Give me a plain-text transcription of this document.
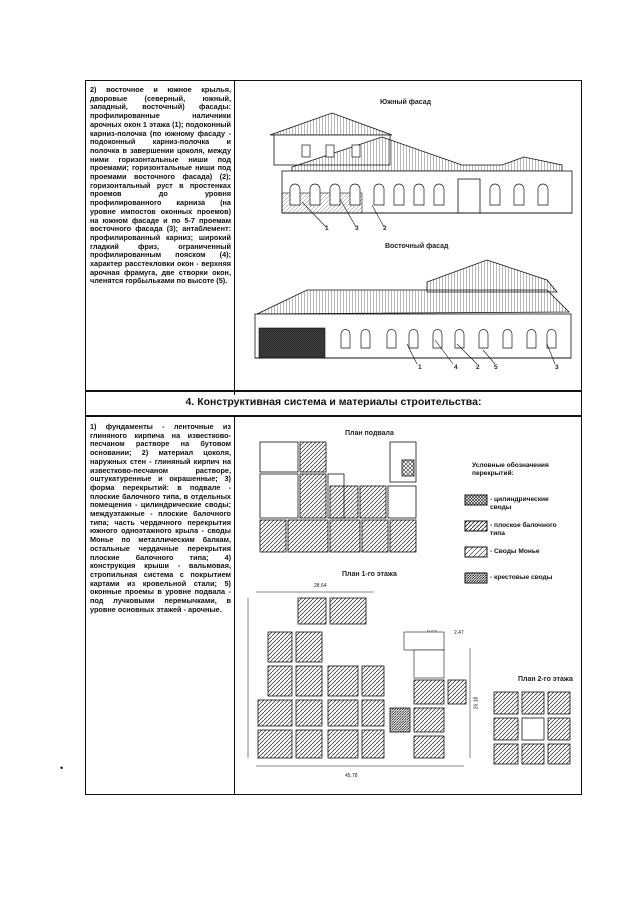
2) восточное и южное крылья, дворовые (северный, южный, западный, восточный) фасады: профилированные наличники арочных окон 1 этажа (1); подоконный карниз-полочка (по южному фасаду - подоконный карниз-полочка и полочка в завершении цоколя, между ними горизонтальные ниши под проемами; горизонтальные ниши под проемами восточного фасада) (2); горизонтальный руст в простенках проемов до уровня профилированного карниза (на уровне импостов оконных проемов) на южном фасаде и по 5-7 проемам восточного фасада (3); антаблемент: профилированный карниз; широкий гладкий фриз, ограниченный профилированным пояском (4); характер расстекловки окон - верхняя арочная фрамуга, две створки окон, членятся горбыльками по высоте (5).
Южный фасад
1	3	2
Восточный фасад
1	4	2 5	3
4. Конструктивная система и материалы строительства:
1) фундаменты - ленточные из глиняного кирпича на известково-песчаном растворе на бутовом основании; 2) материал цоколя, наружных стен - глиняный кирпич на известково-песчаном растворе, оштукатуренные и окрашенные; 3) форма перекрытий: в подвале - плоские балочного типа, в отдельных помещения - цилиндрические своды; междуэтажные - плоские балочного типа; часть чердачного перекрытия южного одноэтажного крыла - своды Монье по металлическим балкам, остальные чердачные перекрытия плоские балочного типа; 4) конструкция крыши - вальмовая, стропильная система с покрытием картами из кровельной стали; 5) оконные проемы в уровне подвала - под лучковыми перемычками, в уровне основных этажей - арочные.
План подвала
Условные обозначения перекрытий:
- цилиндрические своды
- плоское балочного типа
- Своды Монье
- крестовые своды
План 1-го этажа
28.64
2.47
45.78
26.18
План 2-го этажа
•
